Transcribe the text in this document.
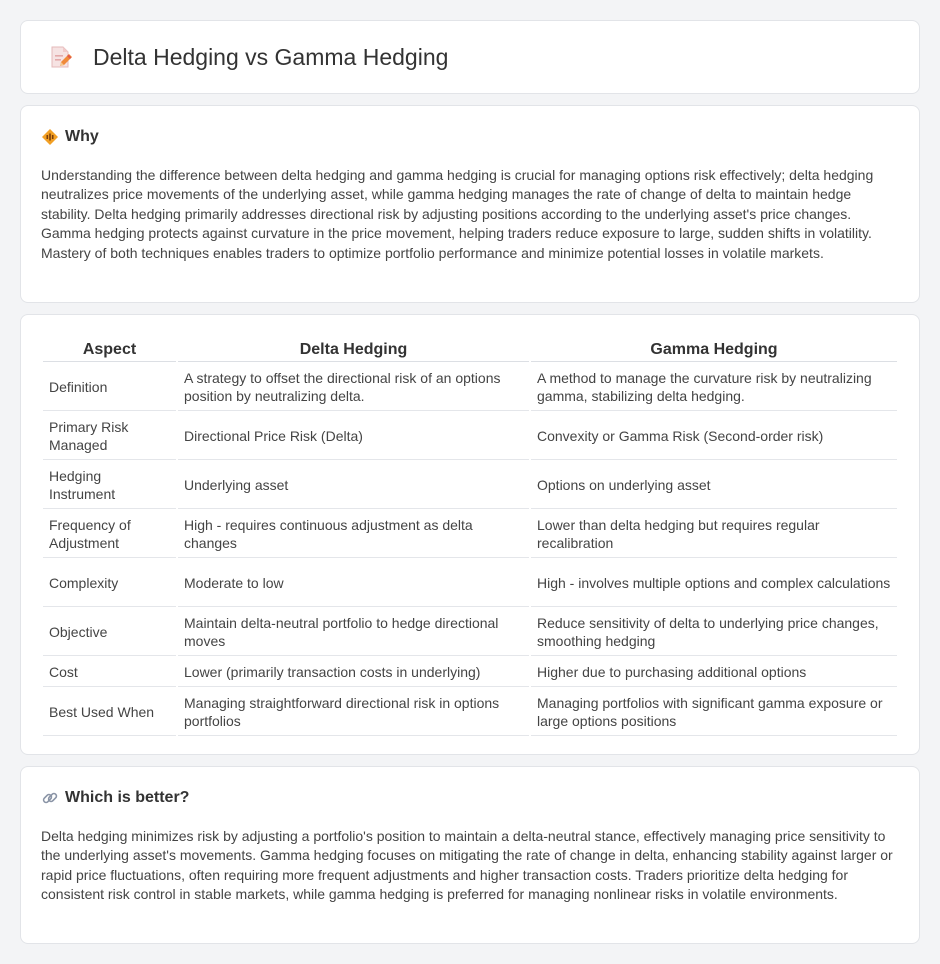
Delta Hedging vs Gamma Hedging
Why

Understanding the difference between delta hedging and gamma hedging is crucial for managing options risk effectively; delta hedging neutralizes price movements of the underlying asset, while gamma hedging manages the rate of change of delta to maintain hedge stability. Delta hedging primarily addresses directional risk by adjusting positions according to the underlying asset's price changes. Gamma hedging protects against curvature in the price movement, helping traders reduce exposure to large, sudden shifts in volatility. Mastery of both techniques enables traders to optimize portfolio performance and minimize potential losses in volatile markets.

Aspect	Delta Hedging	Gamma Hedging
Definition	A strategy to offset the directional risk of an options position by neutralizing delta.	A method to manage the curvature risk by neutralizing gamma, stabilizing delta hedging.
Primary Risk Managed	Directional Price Risk (Delta)	Convexity or Gamma Risk (Second-order risk)
Hedging Instrument	Underlying asset	Options on underlying asset
Frequency of Adjustment	High - requires continuous adjustment as delta changes	Lower than delta hedging but requires regular recalibration
Complexity	Moderate to low	High - involves multiple options and complex calculations
Objective	Maintain delta-neutral portfolio to hedge directional moves	Reduce sensitivity of delta to underlying price changes, smoothing hedging
Cost	Lower (primarily transaction costs in underlying)	Higher due to purchasing additional options
Best Used When	Managing straightforward directional risk in options portfolios	Managing portfolios with significant gamma exposure or large options positions
Which is better?

Delta hedging minimizes risk by adjusting a portfolio's position to maintain a delta-neutral stance, effectively managing price sensitivity to the underlying asset's movements. Gamma hedging focuses on mitigating the rate of change in delta, enhancing stability against larger or rapid price fluctuations, often requiring more frequent adjustments and higher transaction costs. Traders prioritize delta hedging for consistent risk control in stable markets, while gamma hedging is preferred for managing nonlinear risks in volatile environments.
